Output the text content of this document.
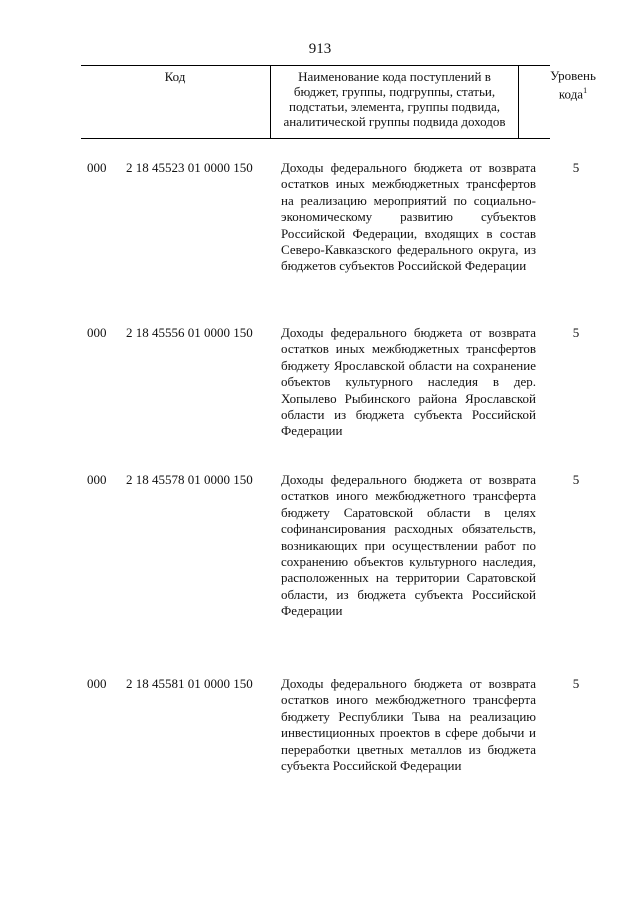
913
Код	Наименование кода поступлений в бюджет, группы, подгруппы, статьи, подстатьи, элемента, группы подвида, аналитической группы подвида доходов
Уровень кода$^1$
000 2 18 45523 01 0000 150 Доходы федерального бюджета от возврата остатков иных межбюджетных трансфертов на реализацию мероприятий по социально-экономическому развитию субъектов Российской Федерации, входящих в состав Северо-Кавказского федерального округа, из бюджетов субъектов Российской Федерации
5
000 2 18 45556 01 0000 150 Доходы федерального бюджета от возврата остатков иных межбюджетных трансфертов бюджету Ярославской области на сохранение объектов культурного наследия в дер. Хопылево Рыбинского района Ярославской области из бюджета субъекта Российской Федерации
5
000 2 18 45578 01 0000 150 Доходы федерального бюджета от возврата остатков иного межбюджетного трансферта бюджету Саратовской области в целях софинансирования расходных обязательств, возникающих при осуществлении работ по сохранению объектов культурного наследия, расположенных на территории Саратовской области, из бюджета субъекта Российской Федерации
5
000 2 18 45581 01 0000 150 Доходы федерального бюджета от возврата остатков иного межбюджетного трансферта бюджету Республики Тыва на реализацию инвестиционных проектов в сфере добычи и переработки цветных металлов из бюджета субъекта Российской Федерации
5
